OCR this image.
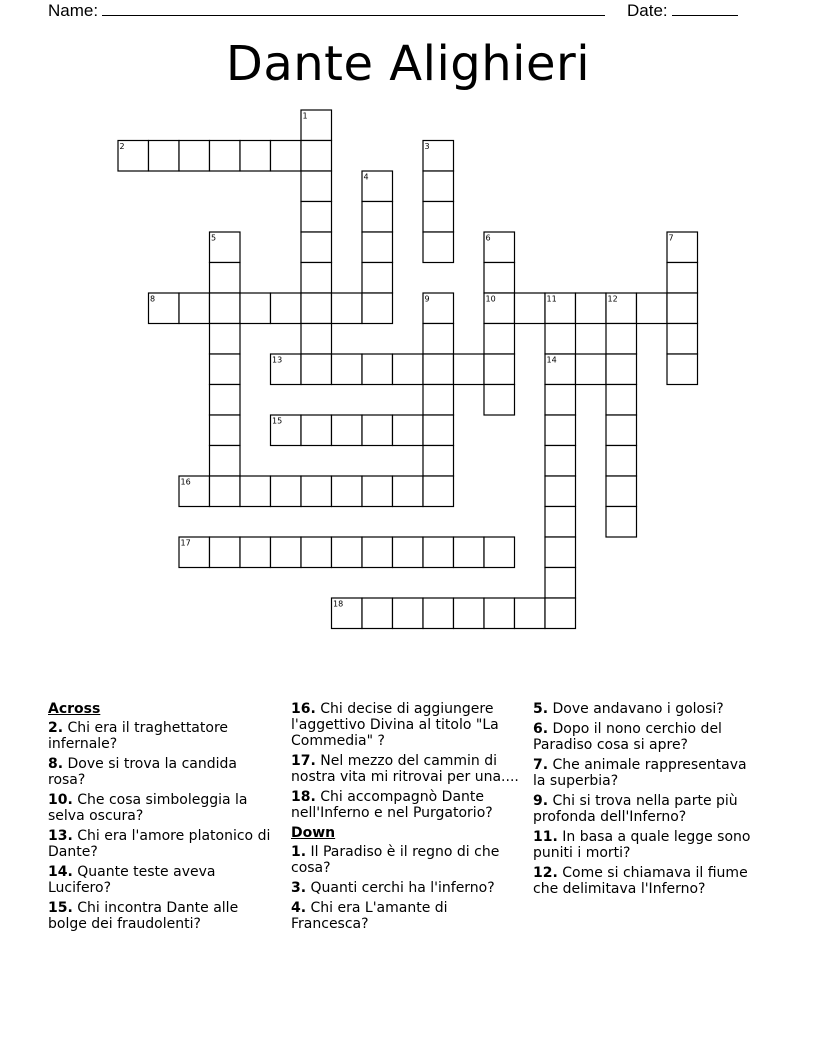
Name:	Date:
Dante Alighieri
1
2	3
4
5	6	7
8	9	10	11	12
13	14
15
16
17
18
Across
2. Chi era il traghettatore infernale?
8. Dove si trova la candida rosa?
10. Che cosa simboleggia la selva oscura?
13. Chi era l'amore platonico di Dante?
14. Quante teste aveva Lucifero?
15. Chi incontra Dante alle bolge dei fraudolenti?
16. Chi decise di aggiungere l'aggettivo Divina al titolo "La Commedia" ?
17. Nel mezzo del cammin di nostra vita mi ritrovai per una....
18. Chi accompagnò Dante nell'Inferno e nel Purgatorio?
Down
1. Il Paradiso è il regno di che cosa?
3. Quanti cerchi ha l'inferno?
4. Chi era L'amante di Francesca?
5. Dove andavano i golosi?
6. Dopo il nono cerchio del Paradiso cosa si apre?
7. Che animale rappresentava la superbia?
9. Chi si trova nella parte più profonda dell'Inferno?
11. In basa a quale legge sono puniti i morti?
12. Come si chiamava il fiume che delimitava l'Inferno?
